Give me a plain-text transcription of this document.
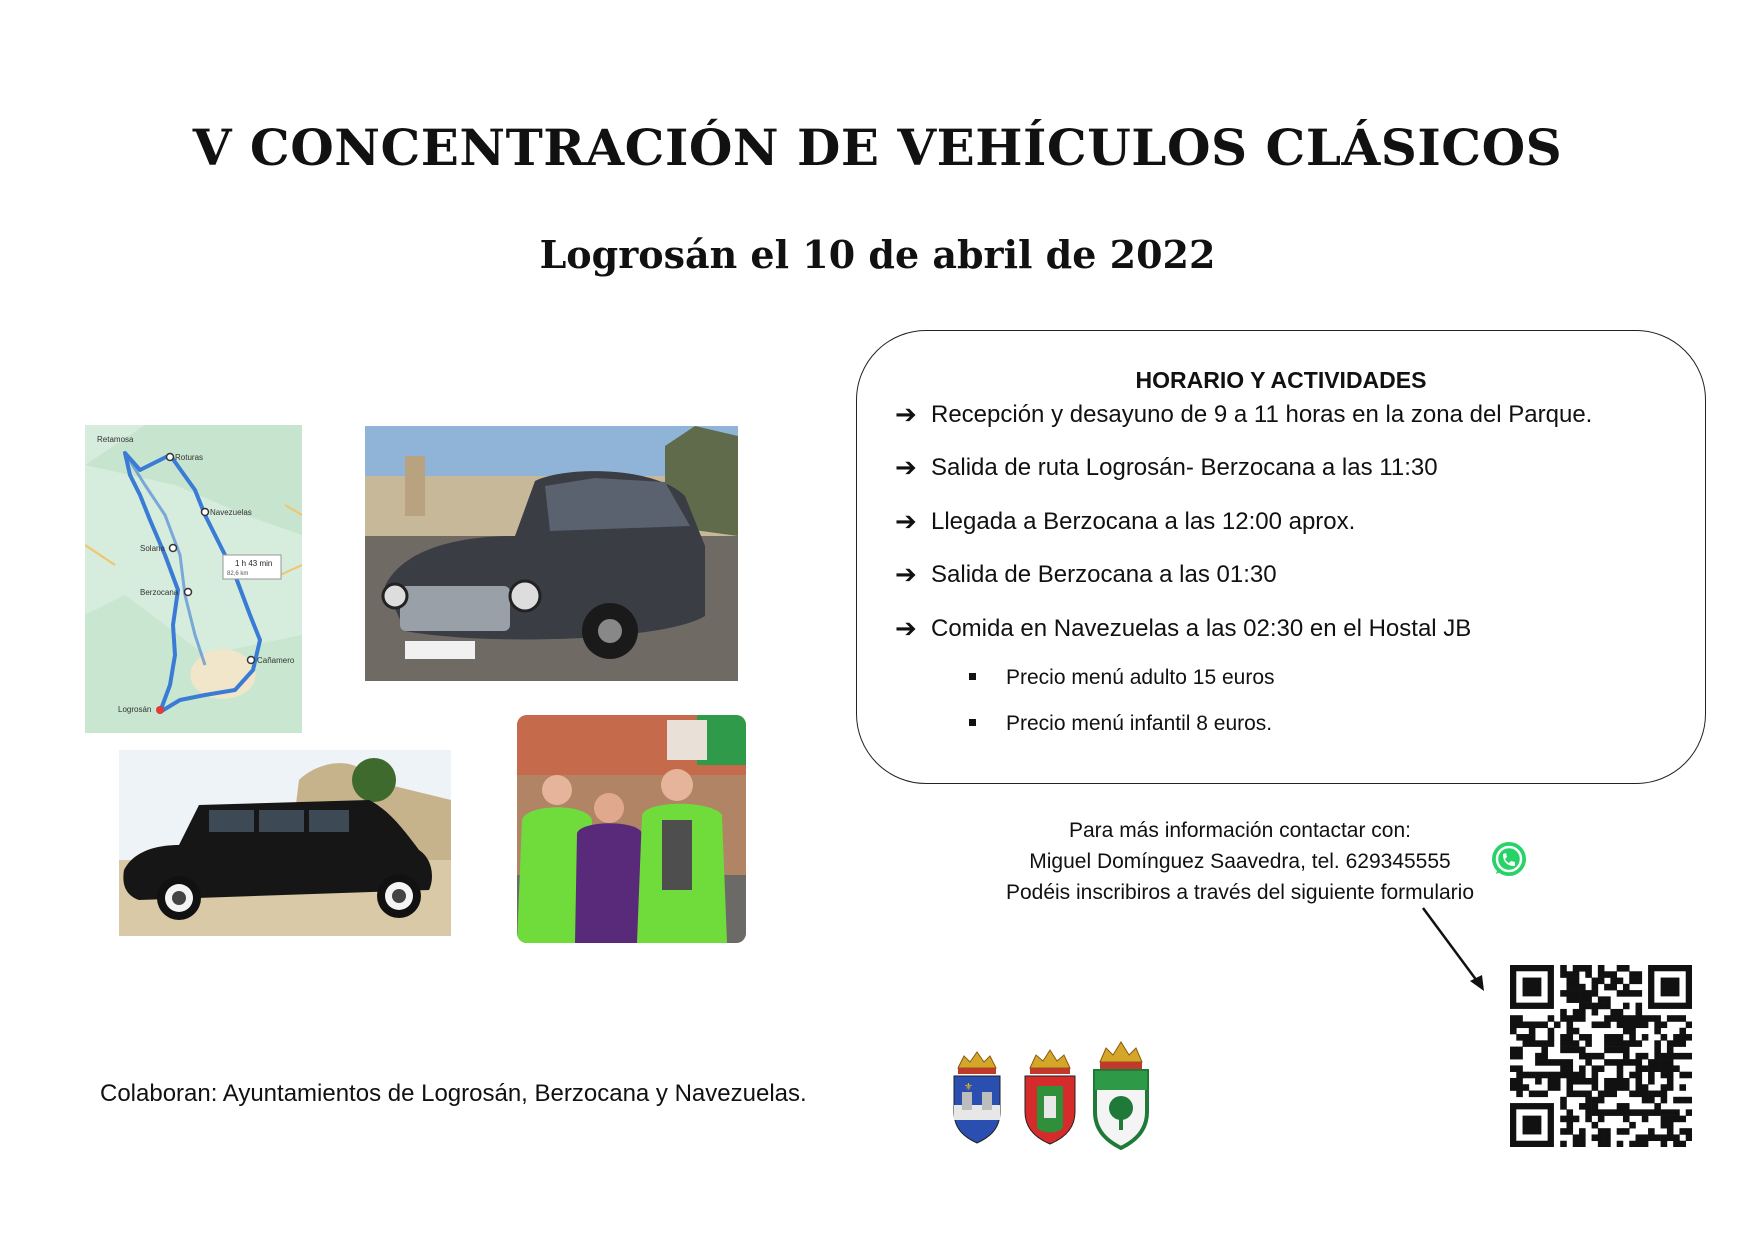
V CONCENTRACIÓN DE VEHÍCULOS CLÁSICOS
Logrosán el 10 de abril de 2022
Retamosa
Roturas
Navezuelas
Solana
Berzocana
Cañamero
Logrosán
1 h 43 min
82,6 km
HORARIO Y ACTIVIDADES
➔ Recepción y desayuno de 9 a 11 horas en la zona del Parque.
➔ Salida de ruta Logrosán- Berzocana a las 11:30
➔ Llegada a Berzocana a las 12:00 aprox.
➔ Salida de Berzocana a las 01:30
➔ Comida en Navezuelas a las 02:30 en el Hostal JB
Precio menú adulto 15 euros
Precio menú infantil 8 euros.
Para más información contactar con:
Miguel Domínguez Saavedra, tel. 629345555
Podéis inscribiros a través del siguiente formulario
Colaboran: Ayuntamientos de Logrosán, Berzocana y Navezuelas.	⚜
